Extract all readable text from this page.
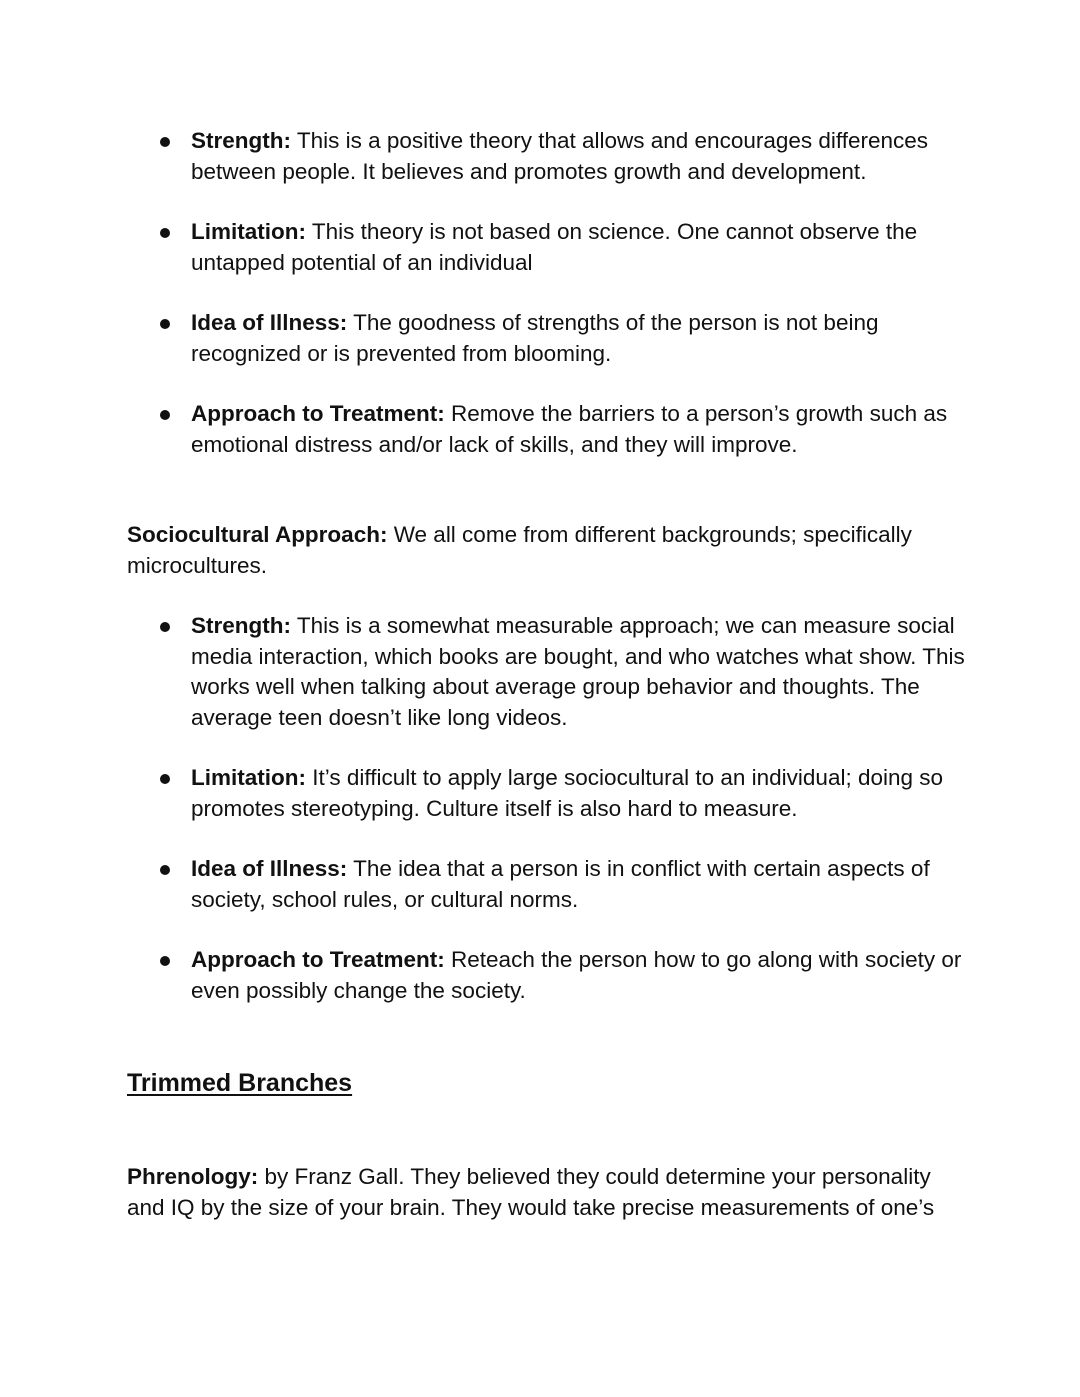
Strength: This is a positive theory that allows and encourages differences between people. It believes and promotes growth and development.
Limitation: This theory is not based on science. One cannot observe the untapped potential of an individual
Idea of Illness: The goodness of strengths of the person is not being recognized or is prevented from blooming.
Approach to Treatment: Remove the barriers to a person’s growth such as emotional distress and/or lack of skills, and they will improve.

Sociocultural Approach: We all come from different backgrounds; specifically microcultures.

Strength: This is a somewhat measurable approach; we can measure social media interaction, which books are bought, and who watches what show. This works well when talking about average group behavior and thoughts. The average teen doesn’t like long videos.
Limitation: It’s difficult to apply large sociocultural to an individual; doing so promotes stereotyping. Culture itself is also hard to measure.
Idea of Illness: The idea that a person is in conflict with certain aspects of society, school rules, or cultural norms.
Approach to Treatment: Reteach the person how to go along with society or even possibly change the society.
Trimmed Branches

Phrenology: by Franz Gall. They believed they could determine your personality and IQ by the size of your brain. They would take precise measurements of one’s
